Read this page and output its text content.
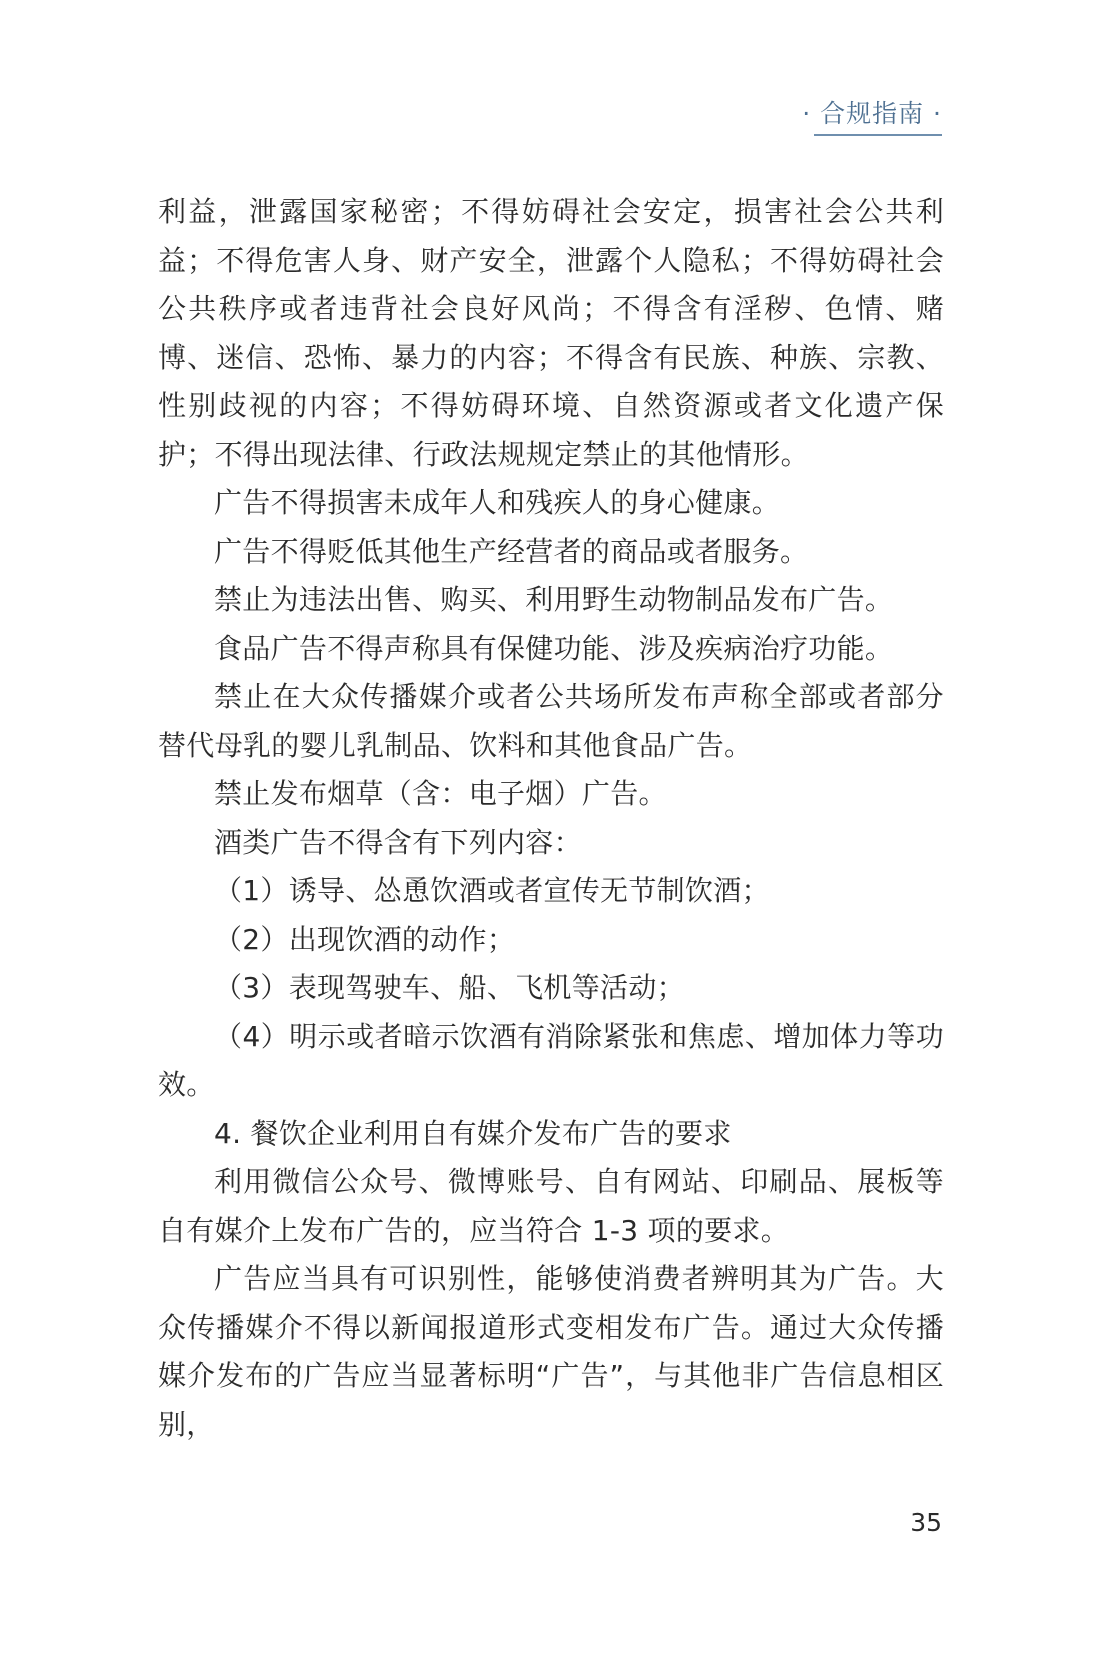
· 合规指南 ·

利益，泄露国家秘密；不得妨碍社会安定，损害社会公共利益；不得危害人身、财产安全，泄露个人隐私；不得妨碍社会公共秩序或者违背社会良好风尚；不得含有淫秽、色情、赌博、迷信、恐怖、暴力的内容；不得含有民族、种族、宗教、性别歧视的内容；不得妨碍环境、自然资源或者文化遗产保护；不得出现法律、行政法规规定禁止的其他情形。

广告不得损害未成年人和残疾人的身心健康。

广告不得贬低其他生产经营者的商品或者服务。

禁止为违法出售、购买、利用野生动物制品发布广告。

食品广告不得声称具有保健功能、涉及疾病治疗功能。

禁止在大众传播媒介或者公共场所发布声称全部或者部分替代母乳的婴儿乳制品、饮料和其他食品广告。

禁止发布烟草（含：电子烟）广告。

酒类广告不得含有下列内容：

（1）诱导、怂恿饮酒或者宣传无节制饮酒；

（2）出现饮酒的动作；

（3）表现驾驶车、船、飞机等活动；

（4）明示或者暗示饮酒有消除紧张和焦虑、增加体力等功效。

4. 餐饮企业利用自有媒介发布广告的要求

利用微信公众号、微博账号、自有网站、印刷品、展板等自有媒介上发布广告的，应当符合 1-3 项的要求。

广告应当具有可识别性，能够使消费者辨明其为广告。大众传播媒介不得以新闻报道形式变相发布广告。通过大众传播媒介发布的广告应当显著标明“广告”，与其他非广告信息相区别，

35
